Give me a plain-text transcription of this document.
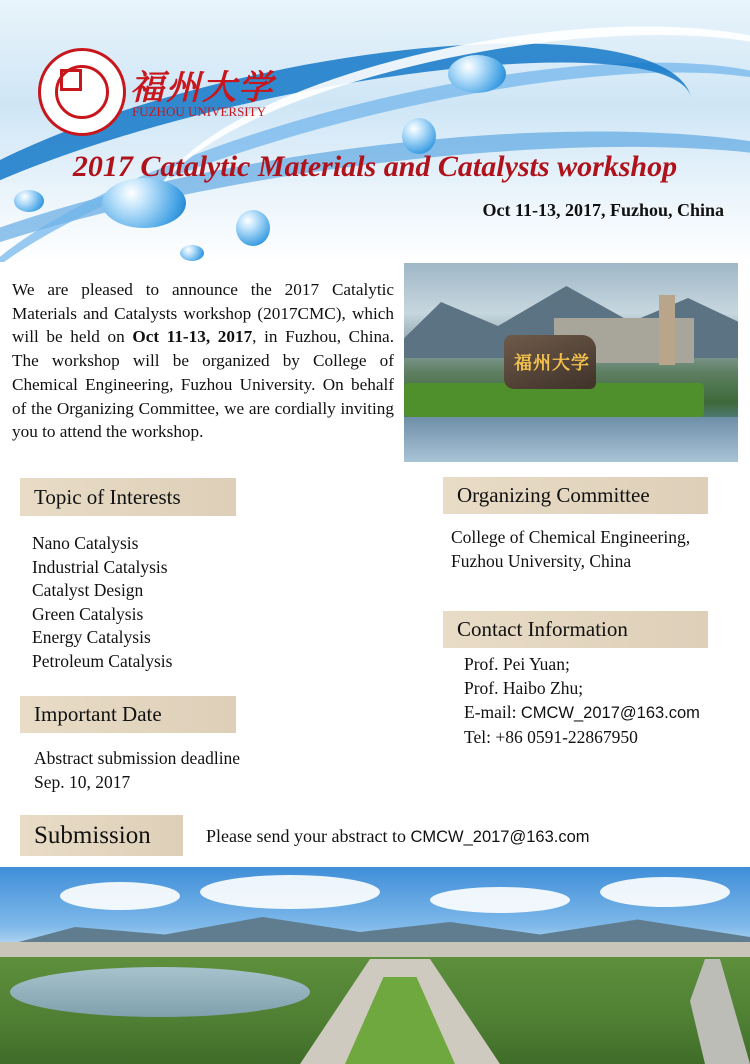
福州大学
FUZHOU UNIVERSITY
2017 Catalytic Materials and Catalysts workshop
Oct 11-13, 2017, Fuzhou, China
We are pleased to announce the 2017 Catalytic Materials and Catalysts workshop (2017CMC), which will be held on Oct 11-13, 2017, in Fuzhou, China. The workshop will be organized by College of Chemical Engineering, Fuzhou University. On behalf of the Organizing Committee, we are cordially inviting you to attend the workshop.
福州大学
Topic of Interests
Nano Catalysis
Industrial Catalysis
Catalyst Design
Green Catalysis
Energy Catalysis
Petroleum Catalysis
Organizing Committee
College of Chemical Engineering,
Fuzhou University, China
Contact Information
Prof. Pei Yuan;
Prof. Haibo Zhu;
E-mail: CMCW_2017@163.com
Tel: +86 0591-22867950
Important Date
Abstract submission deadline
Sep. 10, 2017
Submission	Please send your abstract to CMCW_2017@163.com
